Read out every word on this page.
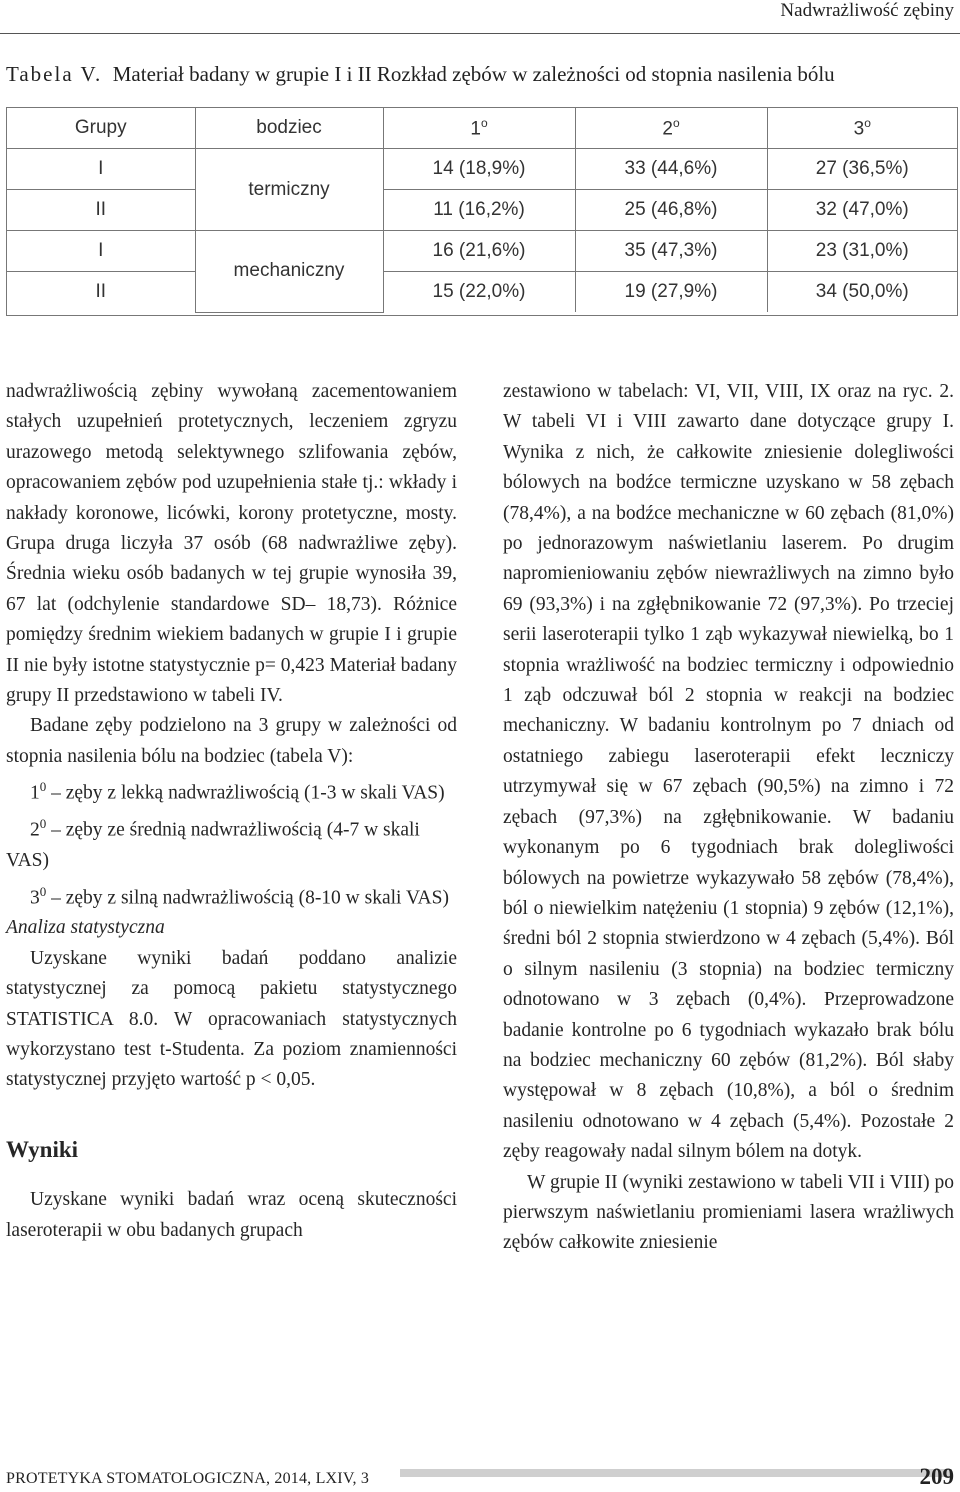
Nadwrażliwość zębiny
Tabela V. Materiał badany w grupie I i II Rozkład zębów w zależności od stopnia nasilenia bólu
Grupy	bodziec	1$^o$	2$^o$	3$^o$
I	termiczny	14 (18,9%)	33 (44,6%)	27 (36,5%)
II		11 (16,2%)	25 (46,8%)	32 (47,0%)
I	mechaniczny	16 (21,6%)	35 (47,3%)	23 (31,0%)
II		15 (22,0%)	19 (27,9%)	34 (50,0%)

nadwrażliwością zębiny wywołaną zacementowaniem stałych uzupełnień protetycznych, leczeniem zgryzu urazowego metodą selektywnego szlifowania zębów, opracowaniem zębów pod uzupełnienia stałe tj.: wkłady i nakłady koronowe, licówki, korony protetyczne, mosty. Grupa druga liczyła 37 osób (68 nadwrażliwe zęby). Średnia wieku osób badanych w tej grupie wynosiła 39, 67 lat (odchylenie standardowe SD– 18,73). Różnice pomiędzy średnim wiekiem badanych w grupie I i grupie II nie były istotne statystycznie p= 0,423 Materiał badany grupy II przedstawiono w tabeli IV.

Badane zęby podzielono na 3 grupy w zależności od stopnia nasilenia bólu na bodziec (tabela V):

$1^0$ – zęby z lekką nadwrażliwością (1-3 w skali VAS)

$2^0$ – zęby ze średnią nadwrażliwością (4-7 w skali VAS)

$3^0$ – zęby z silną nadwrażliwością (8-10 w skali VAS)

Analiza statystyczna

Uzyskane wyniki badań poddano analizie statystycznej za pomocą pakietu statystycznego STATISTICA 8.0. W opracowaniach statystycznych wykorzystano test t-Studenta. Za poziom znamienności statystycznej przyjęto wartość p < 0,05.

Wyniki

Uzyskane wyniki badań wraz oceną skuteczności laseroterapii w obu badanych grupach

zestawiono w tabelach: VI, VII, VIII, IX oraz na ryc. 2. W tabeli VI i VIII zawarto dane dotyczące grupy I. Wynika z nich, że całkowite zniesienie dolegliwości bólowych na bodźce termiczne uzyskano w 58 zębach (78,4%), a na bodźce mechaniczne w 60 zębach (81,0%) po jednorazowym naświetlaniu laserem. Po drugim napromieniowaniu zębów niewrażliwych na zimno było 69 (93,3%) i na zgłębnikowanie 72 (97,3%). Po trzeciej serii laseroterapii tylko 1 ząb wykazywał niewielką, bo 1 stopnia wrażliwość na bodziec termiczny i odpowiednio 1 ząb odczuwał ból 2 stopnia w reakcji na bodziec mechaniczny. W badaniu kontrolnym po 7 dniach od ostatniego zabiegu laseroterapii efekt leczniczy utrzymywał się w 67 zębach (90,5%) na zimno i 72 zębach (97,3%) na zgłębnikowanie. W badaniu wykonanym po 6 tygodniach brak dolegliwości bólowych na powietrze wykazywało 58 zębów (78,4%), ból o niewielkim natężeniu (1 stopnia) 9 zębów (12,1%), średni ból 2 stopnia stwierdzono w 4 zębach (5,4%). Ból o silnym nasileniu (3 stopnia) na bodziec termiczny odnotowano w 3 zębach (0,4%). Przeprowadzone badanie kontrolne po 6 tygodniach wykazało brak bólu na bodziec mechaniczny 60 zębów (81,2%). Ból słaby występował w 8 zębach (10,8%), a ból o średnim nasileniu odnotowano w 4 zębach (5,4%). Pozostałe 2 zęby reagowały nadal silnym bólem na dotyk.

W grupie II (wyniki zestawiono w tabeli VII i VIII) po pierwszym naświetlaniu promieniami lasera wrażliwych zębów całkowite zniesienie

PROTETYKA STOMATOLOGICZNA, 2014, LXIV, 3	209
